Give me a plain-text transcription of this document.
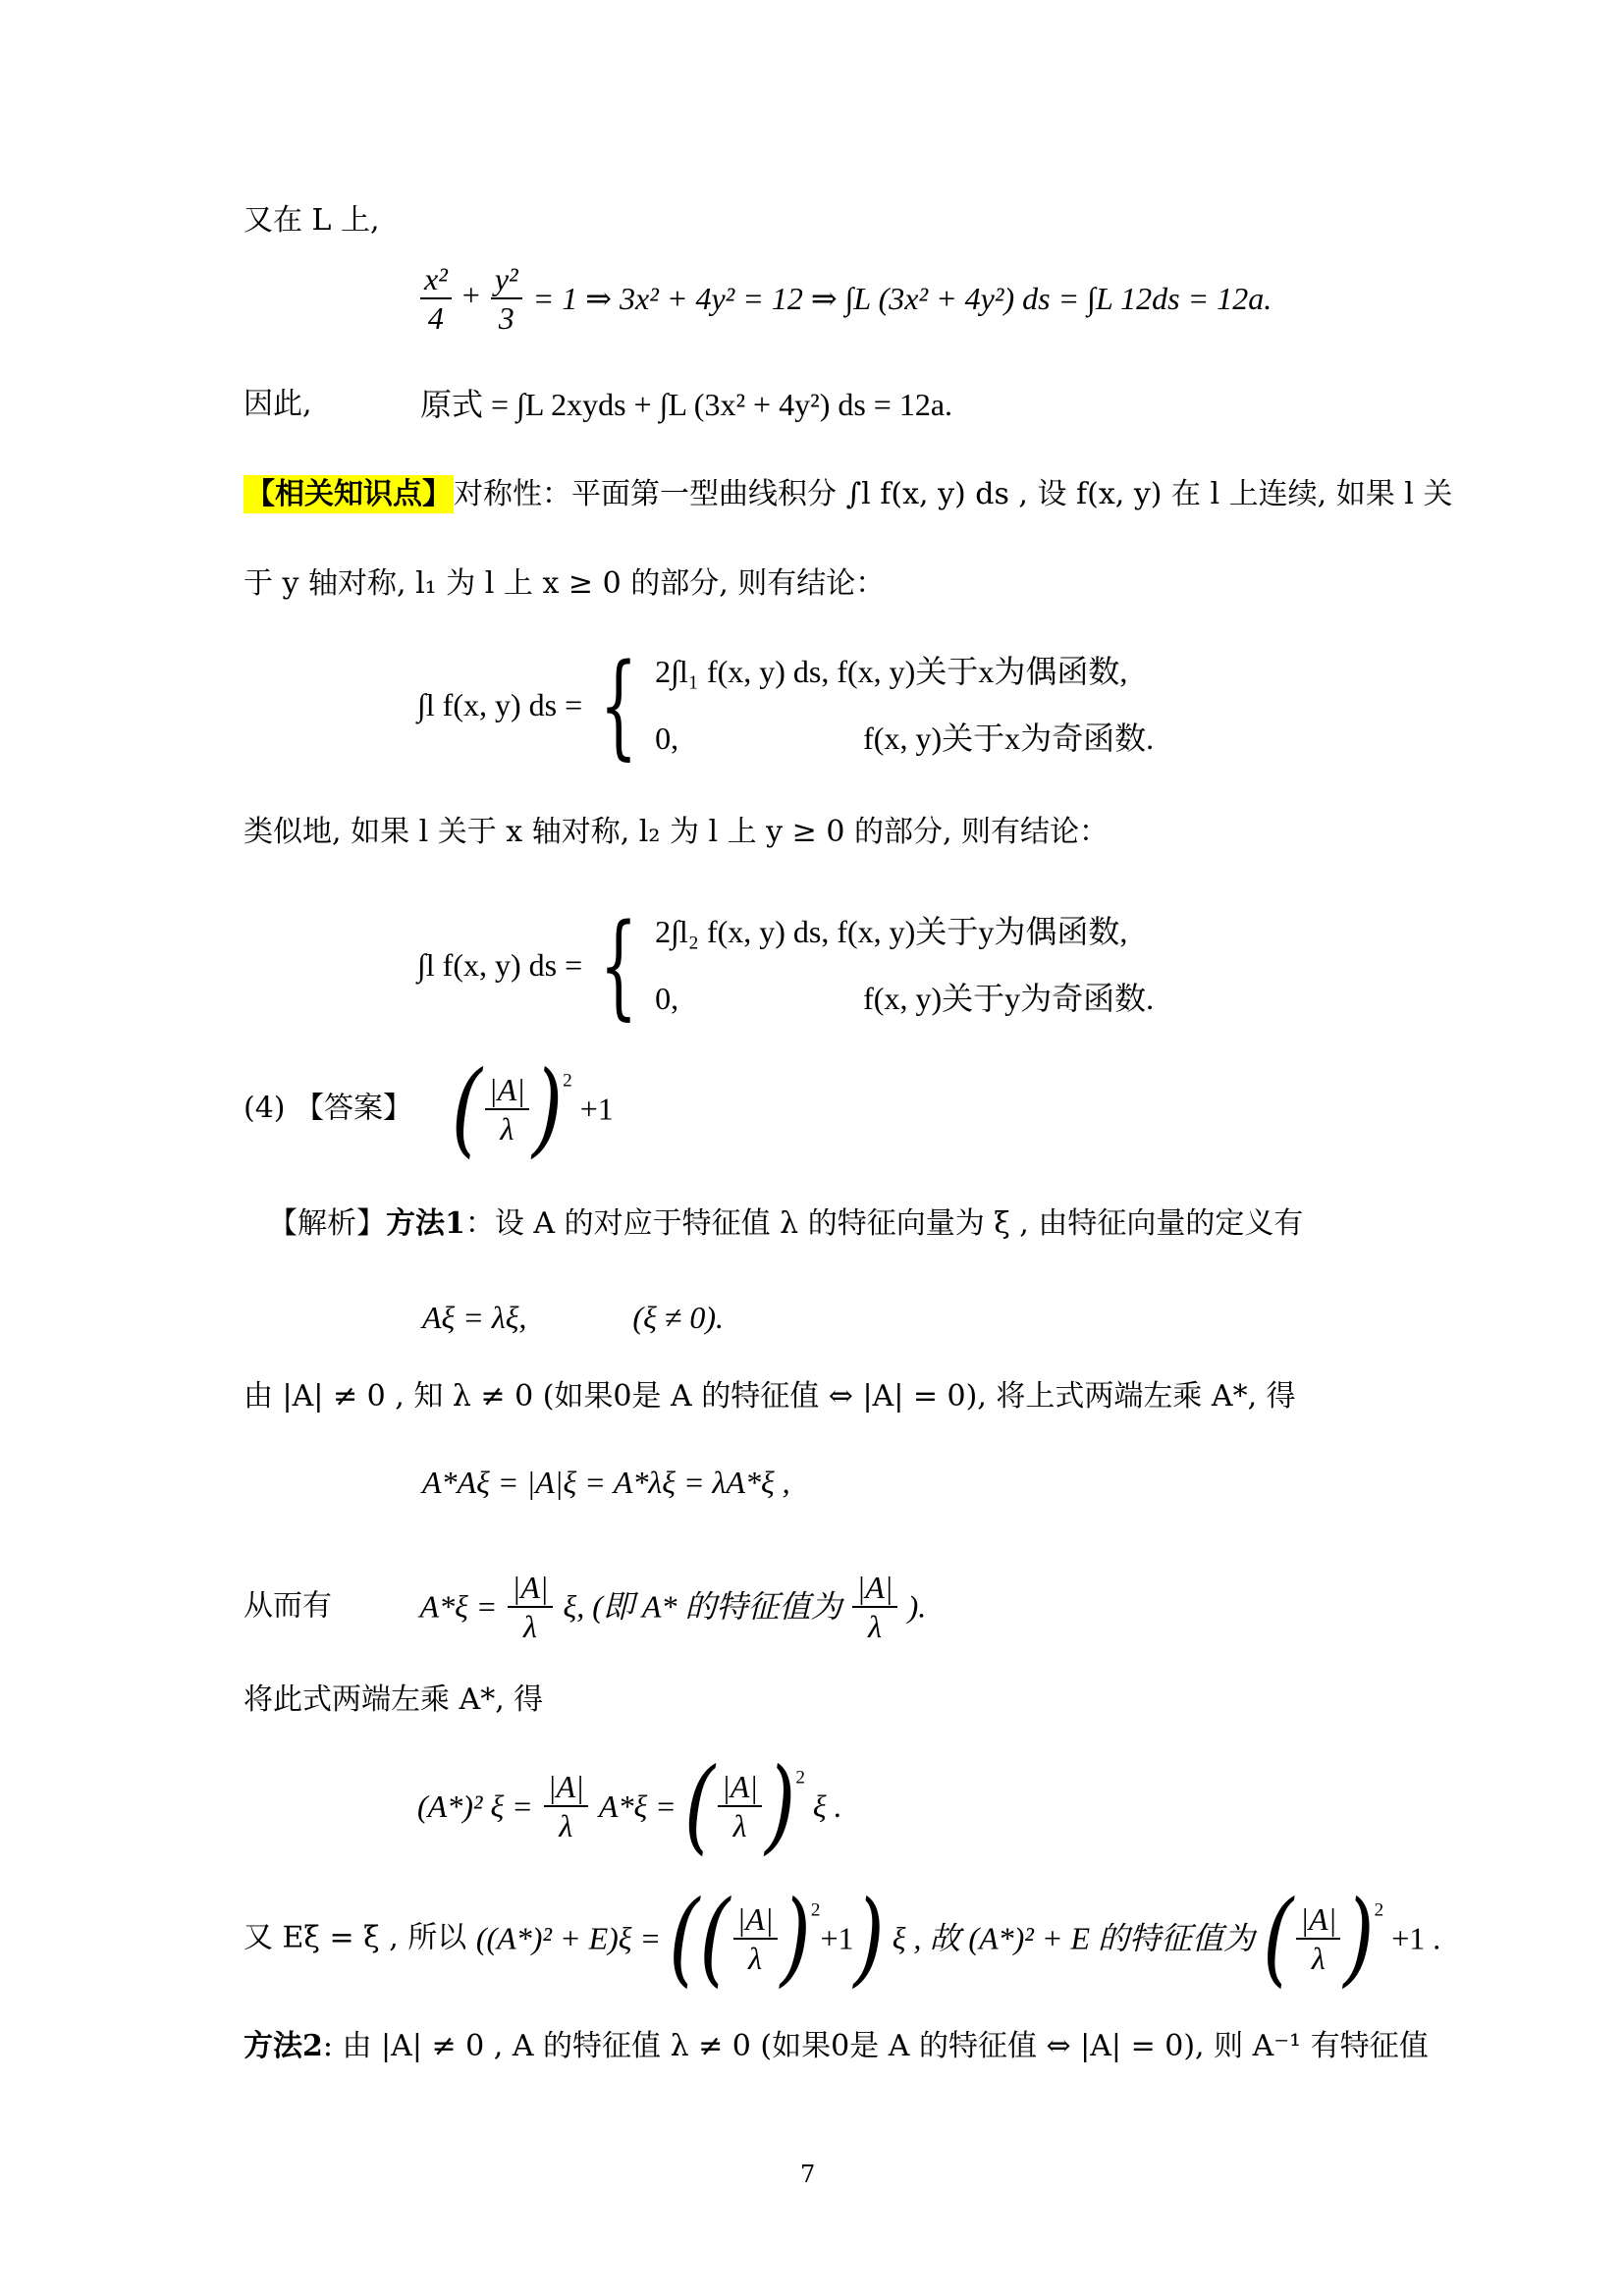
又在 L 上,
$\frac{\text{x²}}{4} + \frac{\text{y²}}{3} = 1$ ⇒ 3x² + 4y² = 12 ⇒ ∫L (3x² + 4y²) ds = ∫L 12ds = 12a.
因此,	原式 = ∫L 2xyds + ∫L (3x² + 4y²) ds = 12a.
【相关知识点】对称性：平面第一型曲线积分 ∫l f(x, y) ds , 设 f(x, y) 在 l 上连续, 如果 l 关
于 y 轴对称, l₁ 为 l 上 x ≥ 0 的部分, 则有结论：
∫l f(x, y) ds = { 2∫l₁ f(x, y) ds, f(x, y)关于x为偶函数,
0,	f(x, y)关于x为奇函数.
类似地, 如果 l 关于 x 轴对称, l₂ 为 l 上 y ≥ 0 的部分, 则有结论：
∫l f(x, y) ds = { 2∫l₂ f(x, y) ds, f(x, y)关于y为偶函数,
0,	f(x, y)关于y为奇函数.
(4) 【答案】 ( $\frac{|A|}{\lambda} )^2 +1$
【解析】方法1：设 A 的对应于特征值 λ 的特征向量为 ξ , 由特征向量的定义有
Aξ = λξ,	(ξ ≠ 0).
由 |A| ≠ 0 , 知 λ ≠ 0 (如果0是 A 的特征值 ⇔ |A| = 0), 将上式两端左乘 A*, 得
A*Aξ = |A|ξ = A*λξ = λA*ξ ,
从而有	$A*\xi = \frac{|A|}{\lambda} \xi$, (即 A* 的特征值为 $\frac{|A|}{\lambda}$ ).
将此式两端左乘 A*, 得
(A*)² $\xi = \frac{|A|}{\lambda} A*\xi$ = ( $\frac{|A|}{\lambda} )^2$ ξ .
又 Eξ = ξ , 所以 ((A*)² + E)ξ = (( $\frac{|A|}{\lambda} )^2+1$) ξ , 故 (A*)² + E 的特征值为 ( $\frac{|A|}{\lambda} )^2 +1$ .
方法2: 由 |A| ≠ 0 , A 的特征值 λ ≠ 0 (如果0是 A 的特征值 ⇔ |A| = 0), 则 A⁻¹ 有特征值
7
